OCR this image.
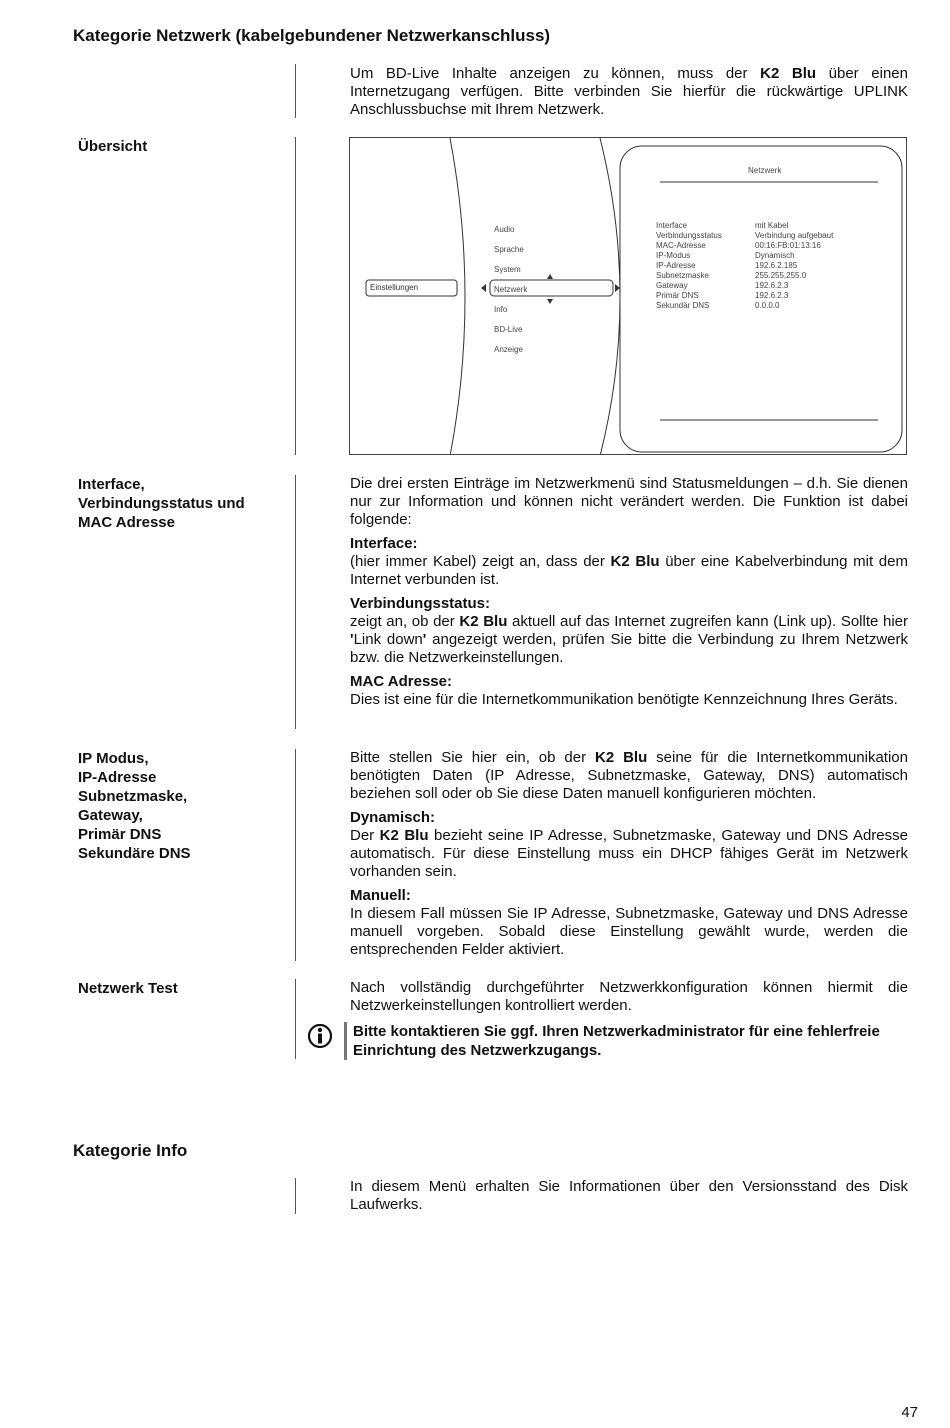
Kategorie Netzwerk (kabelgebundener Netzwerkanschluss)

Um BD-Live Inhalte anzeigen zu können, muss der K2 Blu über einen Internetzugang verfügen. Bitte verbinden Sie hierfür die rückwärtige UPLINK Anschlussbuchse mit Ihrem Netzwerk.

Übersicht
Einstellungen
Audio
Sprache
System
Netzwerk
Info
BD-Live
Anzeige
Netzwerk
Interface
Verbindungsstatus
MAC-Adresse
IP-Modus
IP-Adresse
Subnetzmaske
Gateway
Primär DNS
Sekundär DNS
mit Kabel
Verbindung aufgebaut
00:16:FB:01:13:16
Dynamisch
192.6.2.185
255.255.255.0
192.6.2.3
192.6.2.3
0.0.0.0
Interface,
Verbindungsstatus und
MAC Adresse

Die drei ersten Einträge im Netzwerkmenü sind Statusmeldungen – d.h. Sie dienen nur zur Information und können nicht verändert werden. Die Funktion ist dabei folgende:

Interface:

(hier immer Kabel) zeigt an, dass der K2 Blu über eine Kabelverbindung mit dem Internet verbunden ist.

Verbindungsstatus:

zeigt an, ob der K2 Blu aktuell auf das Internet zugreifen kann (Link up). Sollte hier 'Link down' angezeigt werden, prüfen Sie bitte die Verbindung zu Ihrem Netzwerk bzw. die Netzwerkeinstellungen.

MAC Adresse:

Dies ist eine für die Internetkommunikation benötigte Kennzeichnung Ihres Geräts.

IP Modus,
IP-Adresse
Subnetzmaske,
Gateway,
Primär DNS
Sekundäre DNS

Bitte stellen Sie hier ein, ob der K2 Blu seine für die Internetkommunikation benötigten Daten (IP Adresse, Subnetzmaske, Gateway, DNS) automatisch beziehen soll oder ob Sie diese Daten manuell konfigurieren möchten.

Dynamisch:

Der K2 Blu bezieht seine IP Adresse, Subnetzmaske, Gateway und DNS Adresse automatisch. Für diese Einstellung muss ein DHCP fähiges Gerät im Netzwerk vorhanden sein.

Manuell:

In diesem Fall müssen Sie IP Adresse, Subnetzmaske, Gateway und DNS Adresse manuell vorgeben. Sobald diese Einstellung gewählt wurde, werden die entsprechenden Felder aktiviert.

Netzwerk Test	Nach vollständig durchgeführter Netzwerkkonfiguration können hiermit die Netzwerkeinstellungen kontrolliert werden.
Bitte kontaktieren Sie ggf. Ihren Netzwerkadministrator für eine fehlerfreie Einrichtung des Netzwerkzugangs.
Kategorie Info
In diesem Menü erhalten Sie Informationen über den Versionsstand des Disk Laufwerks.
47
